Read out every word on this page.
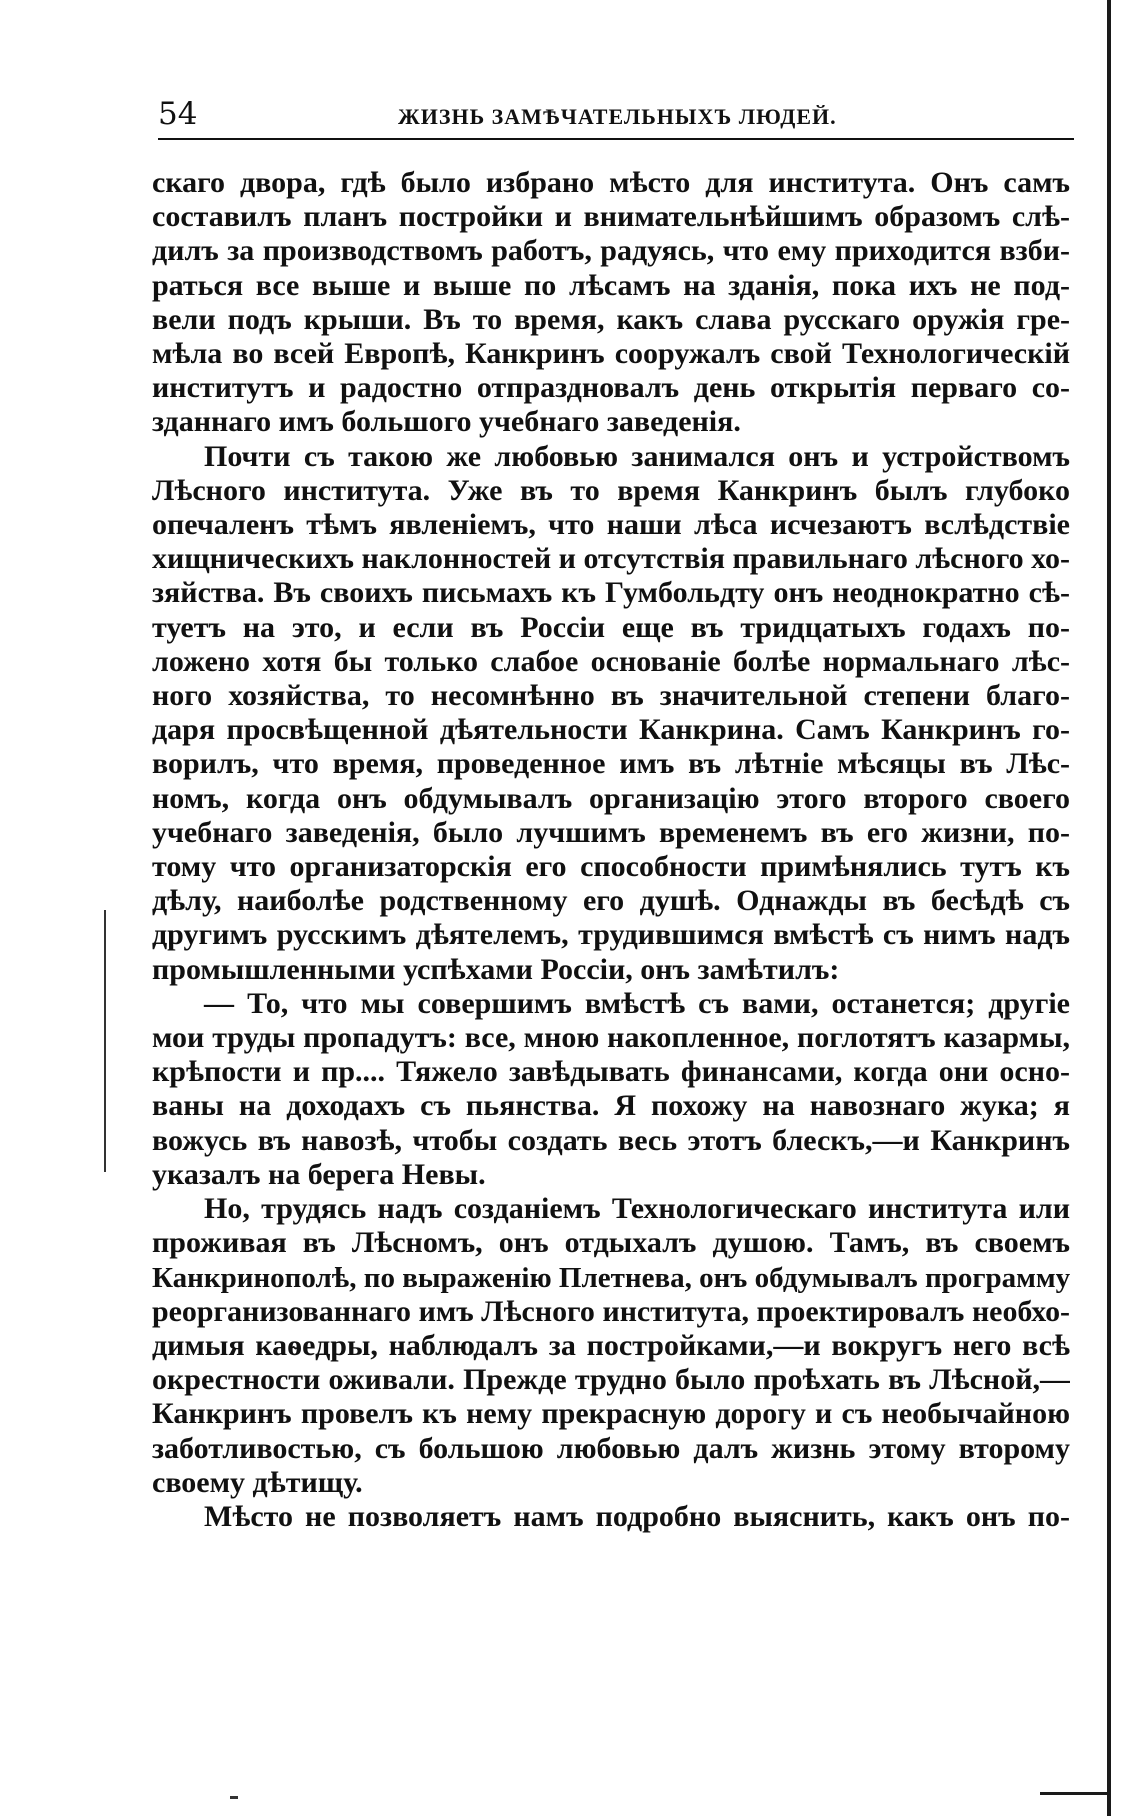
54	ЖИЗНЬ ЗАМѢЧАТЕЛЬНЫХЪ ЛЮДЕЙ.
скаго двора, гдѣ было избрано мѣсто для института. Онъ самъ
составилъ планъ постройки и внимательнѣйшимъ образомъ слѣ-
дилъ за производствомъ работъ, радуясь, что ему приходится взби-
раться все выше и выше по лѣсамъ на зданія, пока ихъ не под-
вели подъ крыши. Въ то время, какъ слава русскаго оружія гре-
мѣла во всей Европѣ, Канкринъ сооружалъ свой Технологическій
институтъ и радостно отпраздновалъ день открытія перваго со-
зданнаго имъ большого учебнаго заведенія.
Почти съ такою же любовью занимался онъ и устройствомъ
Лѣсного института. Уже въ то время Канкринъ былъ глубоко
опечаленъ тѣмъ явленіемъ, что наши лѣса исчезаютъ вслѣдствіе
хищническихъ наклонностей и отсутствія правильнаго лѣсного хо-
зяйства. Въ своихъ письмахъ къ Гумбольдту онъ неоднократно сѣ-
туетъ на это, и если въ Россіи еще въ тридцатыхъ годахъ по-
ложено хотя бы только слабое основаніе болѣе нормальнаго лѣс-
ного хозяйства, то несомнѣнно въ значительной степени благо-
даря просвѣщенной дѣятельности Канкрина. Самъ Канкринъ го-
ворилъ, что время, проведенное имъ въ лѣтніе мѣсяцы въ Лѣс-
номъ, когда онъ обдумывалъ организацію этого второго своего
учебнаго заведенія, было лучшимъ временемъ въ его жизни, по-
тому что организаторскія его способности примѣнялись тутъ къ
дѣлу, наиболѣе родственному его душѣ. Однажды въ бесѣдѣ съ
другимъ русскимъ дѣятелемъ, трудившимся вмѣстѣ съ нимъ надъ
промышленными успѣхами Россіи, онъ замѣтилъ:
— То, что мы совершимъ вмѣстѣ съ вами, останется; другіе
мои труды пропадутъ: все, мною накопленное, поглотятъ казармы,
крѣпости и пр.... Тяжело завѣдывать финансами, когда они осно-
ваны на доходахъ съ пьянства. Я похожу на навознаго жука; я
вожусь въ навозѣ, чтобы создать весь этотъ блескъ,—и Канкринъ
указалъ на берега Невы.
Но, трудясь надъ созданіемъ Технологическаго института или
проживая въ Лѣсномъ, онъ отдыхалъ душою. Тамъ, въ своемъ
Канкринополѣ, по выраженію Плетнева, онъ обдумывалъ программу
реорганизованнаго имъ Лѣсного института, проектировалъ необхо-
димыя каѳедры, наблюдалъ за постройками,—и вокругъ него всѣ
окрестности оживали. Прежде трудно было проѣхать въ Лѣсной,—
Канкринъ провелъ къ нему прекрасную дорогу и съ необычайною
заботливостью, съ большою любовью далъ жизнь этому второму
своему дѣтищу.
Мѣсто не позволяетъ намъ подробно выяснить, какъ онъ по-
